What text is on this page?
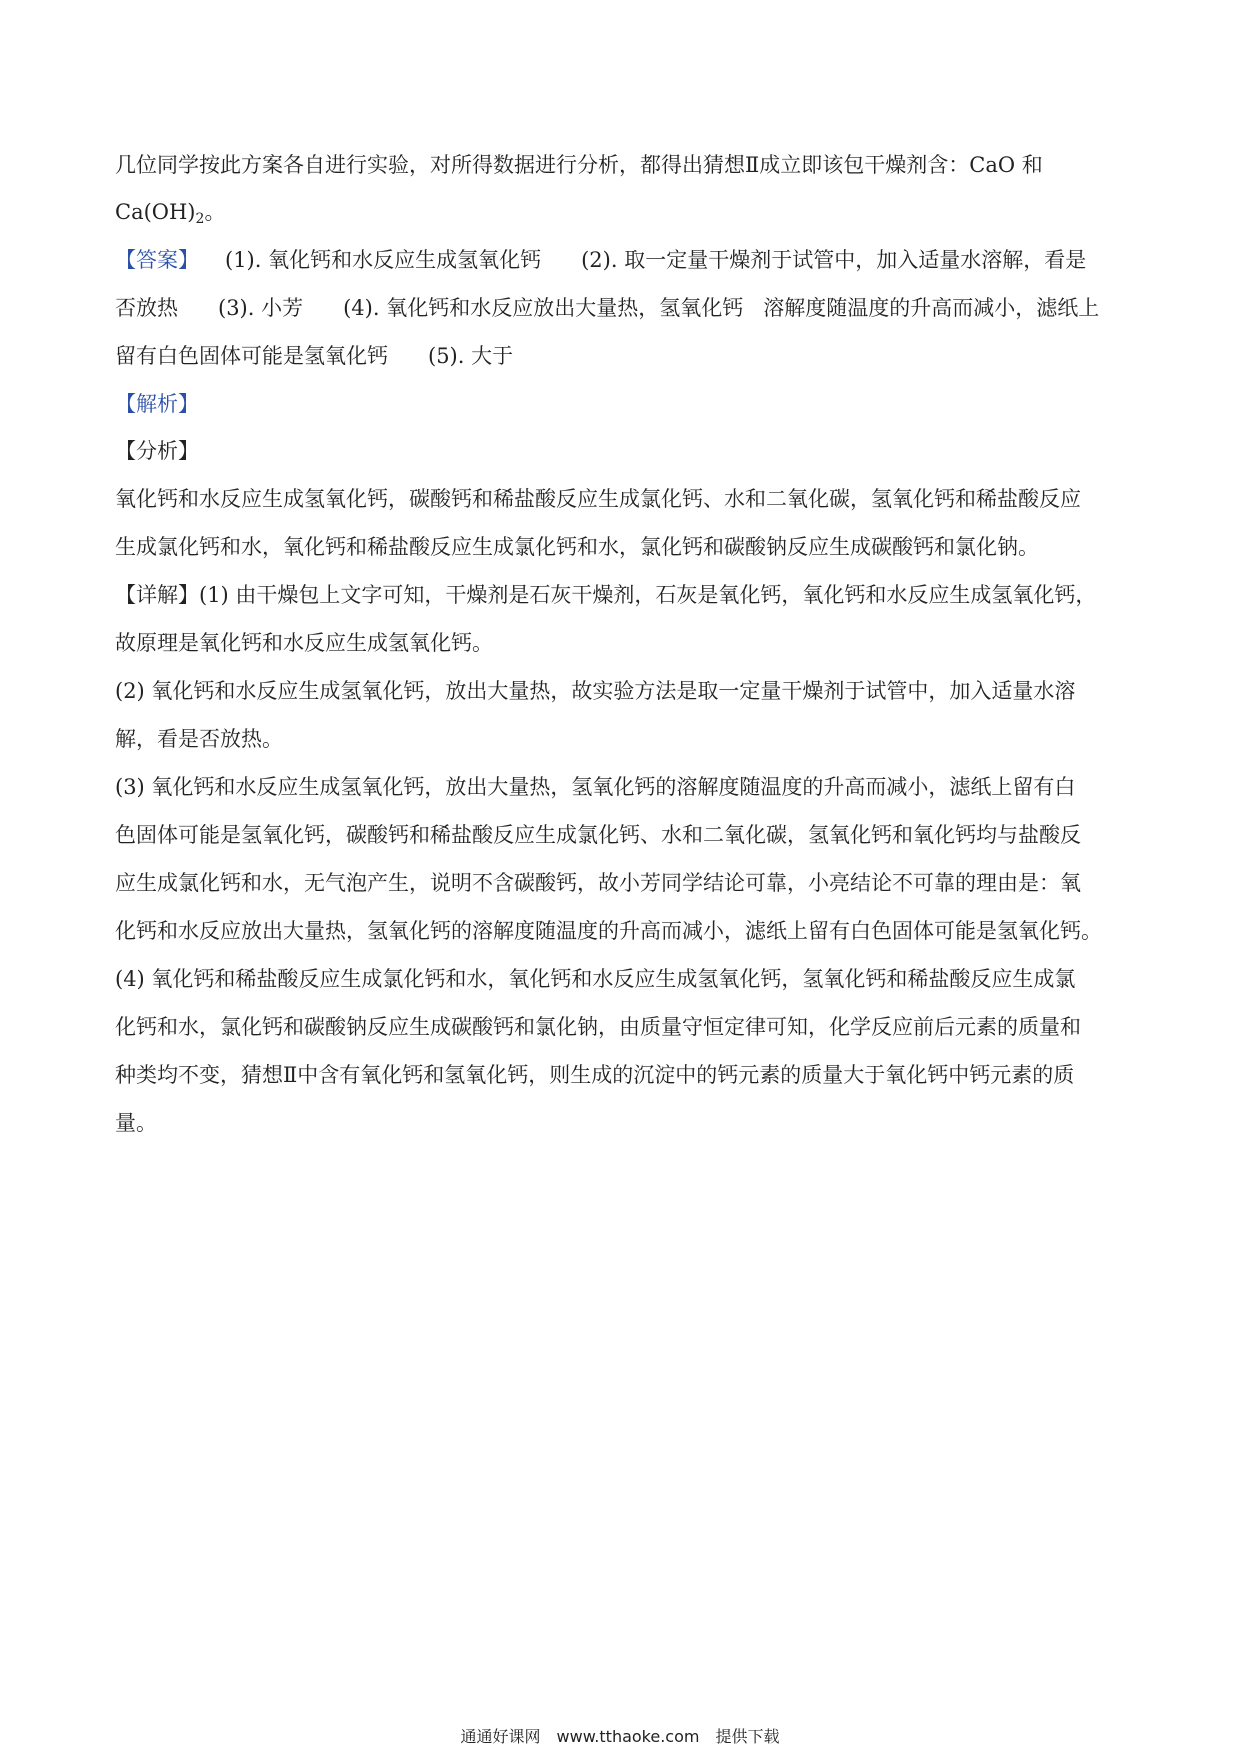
几位同学按此方案各自进行实验，对所得数据进行分析，都得出猜想Ⅱ成立即该包干燥剂含：CaO 和

$Ca(OH)_2$。

【答案】 (1). 氧化钙和水反应生成氢氧化钙 (2). 取一定量干燥剂于试管中，加入适量水溶解，看是

否放热 (3). 小芳 (4). 氧化钙和水反应放出大量热，氢氧化钙 溶解度随温度的升高而减小，滤纸上

留有白色固体可能是氢氧化钙 (5). 大于

【解析】

【分析】

氧化钙和水反应生成氢氧化钙，碳酸钙和稀盐酸反应生成氯化钙、水和二氧化碳，氢氧化钙和稀盐酸反应

生成氯化钙和水，氧化钙和稀盐酸反应生成氯化钙和水，氯化钙和碳酸钠反应生成碳酸钙和氯化钠。

【详解】(1) 由干燥包上文字可知，干燥剂是石灰干燥剂，石灰是氧化钙，氧化钙和水反应生成氢氧化钙，

故原理是氧化钙和水反应生成氢氧化钙。

(2) 氧化钙和水反应生成氢氧化钙，放出大量热，故实验方法是取一定量干燥剂于试管中，加入适量水溶

解，看是否放热。

(3) 氧化钙和水反应生成氢氧化钙，放出大量热，氢氧化钙的溶解度随温度的升高而减小，滤纸上留有白

色固体可能是氢氧化钙，碳酸钙和稀盐酸反应生成氯化钙、水和二氧化碳，氢氧化钙和氧化钙均与盐酸反

应生成氯化钙和水，无气泡产生，说明不含碳酸钙，故小芳同学结论可靠，小亮结论不可靠的理由是：氧

化钙和水反应放出大量热，氢氧化钙的溶解度随温度的升高而减小，滤纸上留有白色固体可能是氢氧化钙。

(4) 氧化钙和稀盐酸反应生成氯化钙和水，氧化钙和水反应生成氢氧化钙，氢氧化钙和稀盐酸反应生成氯

化钙和水，氯化钙和碳酸钠反应生成碳酸钙和氯化钠，由质量守恒定律可知，化学反应前后元素的质量和

种类均不变，猜想Ⅱ中含有氧化钙和氢氧化钙，则生成的沉淀中的钙元素的质量大于氧化钙中钙元素的质

量。

通通好课网　www.tthaoke.com　提供下载
